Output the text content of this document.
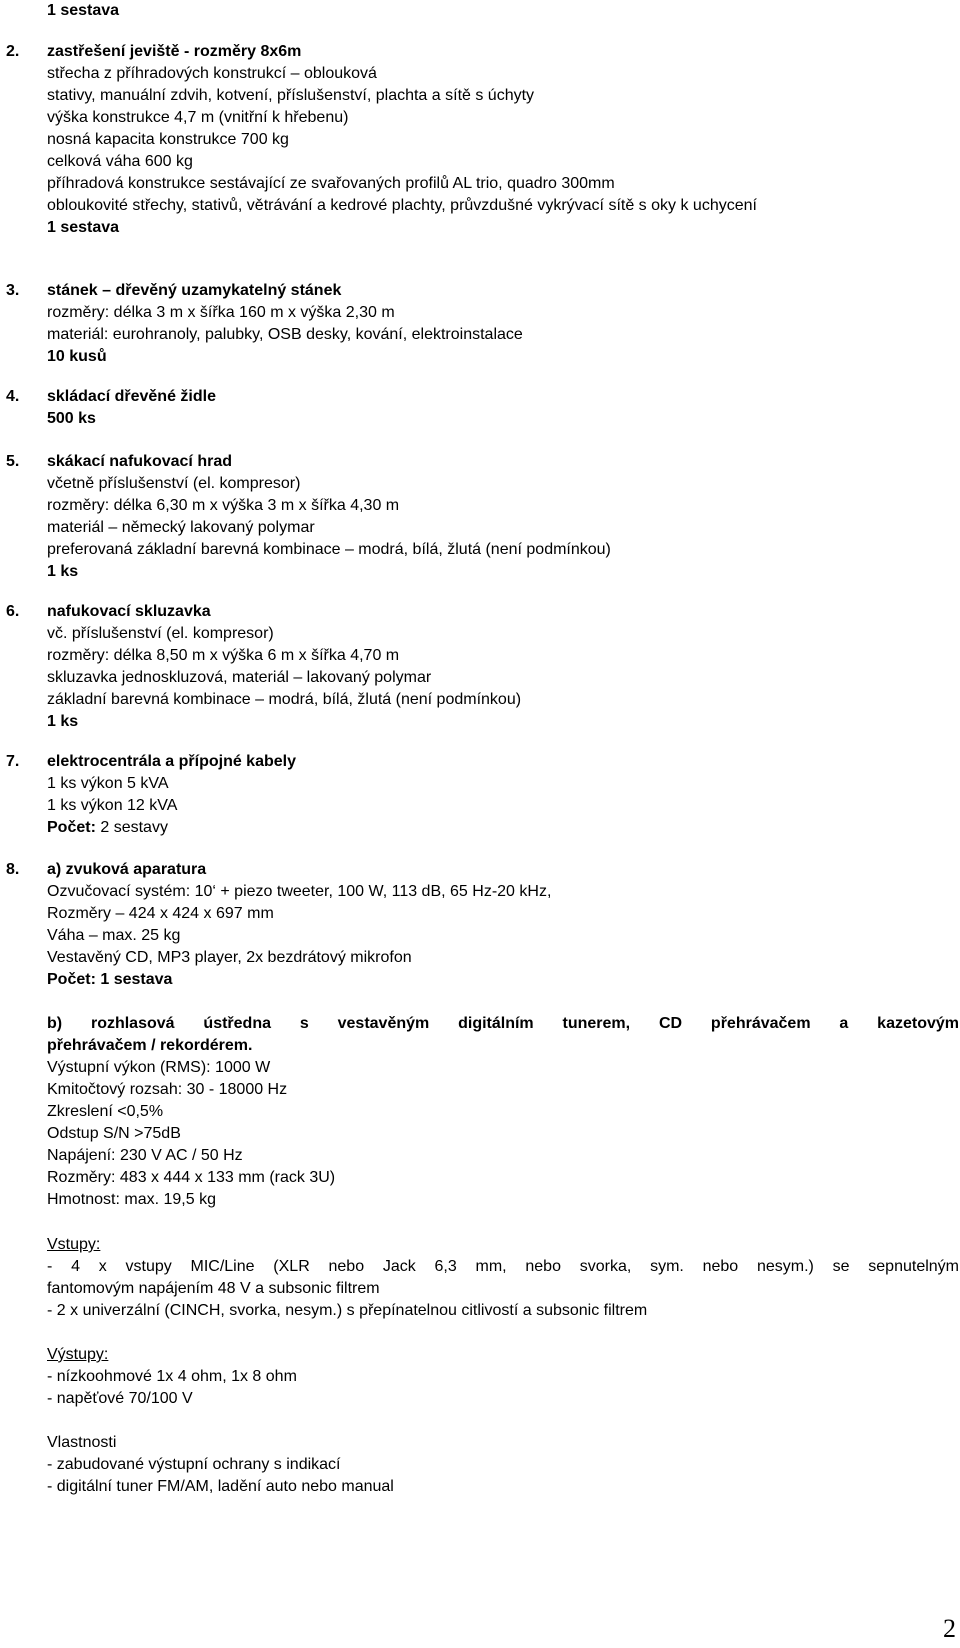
1 sestava
2. zastřešení jeviště - rozměry 8x6m
střecha z příhradových konstrukcí – oblouková
stativy, manuální zdvih, kotvení, příslušenství, plachta a sítě s úchyty
výška konstrukce 4,7 m (vnitřní k hřebenu)
nosná kapacita konstrukce 700 kg
celková váha 600 kg
příhradová konstrukce sestávající ze svařovaných profilů AL trio, quadro 300mm
obloukovité střechy, stativů, větrávání a kedrové plachty, průvzdušné vykrývací sítě s oky k uchycení
1 sestava
3. stánek – dřevěný uzamykatelný stánek
rozměry: délka 3 m x šířka 160 m x výška 2,30 m
materiál: eurohranoly, palubky, OSB desky, kování, elektroinstalace
10 kusů
4. skládací dřevěné židle
500 ks
5. skákací nafukovací hrad
včetně příslušenství (el. kompresor)
rozměry: délka 6,30 m x výška 3 m x šířka 4,30 m
materiál – německý lakovaný polymar
preferovaná základní barevná kombinace – modrá, bílá, žlutá (není podmínkou)
1 ks
6. nafukovací skluzavka
vč. příslušenství (el. kompresor)
rozměry: délka 8,50 m x výška 6 m x šířka 4,70 m
skluzavka jednoskluzová, materiál – lakovaný polymar
základní barevná kombinace – modrá, bílá, žlutá (není podmínkou)
1 ks
7. elektrocentrála a přípojné kabely
1 ks výkon 5 kVA
1 ks výkon 12 kVA
Počet: 2 sestavy
8. a) zvuková aparatura
Ozvučovací systém: 10‘ + piezo tweeter, 100 W, 113 dB, 65 Hz-20 kHz,
Rozměry – 424 x 424 x 697 mm
Váha – max. 25 kg
Vestavěný CD, MP3 player, 2x bezdrátový mikrofon
Počet: 1 sestava
b) rozhlasová ústředna s vestavěným digitálním tunerem, CD přehrávačem a kazetovým
přehrávačem / rekordérem.
Výstupní výkon (RMS): 1000 W
Kmitočtový rozsah: 30 - 18000 Hz
Zkreslení <0,5%
Odstup S/N >75dB
Napájení: 230 V AC / 50 Hz
Rozměry: 483 x 444 x 133 mm (rack 3U)
Hmotnost: max. 19,5 kg
Vstupy:
- 4 x vstupy MIC/Line (XLR nebo Jack 6,3 mm, nebo svorka, sym. nebo nesym.) se sepnutelným
fantomovým napájením 48 V a subsonic filtrem
- 2 x univerzální (CINCH, svorka, nesym.) s přepínatelnou citlivostí a subsonic filtrem
Výstupy:
- nízkoohmové 1x 4 ohm, 1x 8 ohm
- napěťové 70/100 V
Vlastnosti
- zabudované výstupní ochrany s indikací
- digitální tuner FM/AM, ladění auto nebo manual
2
